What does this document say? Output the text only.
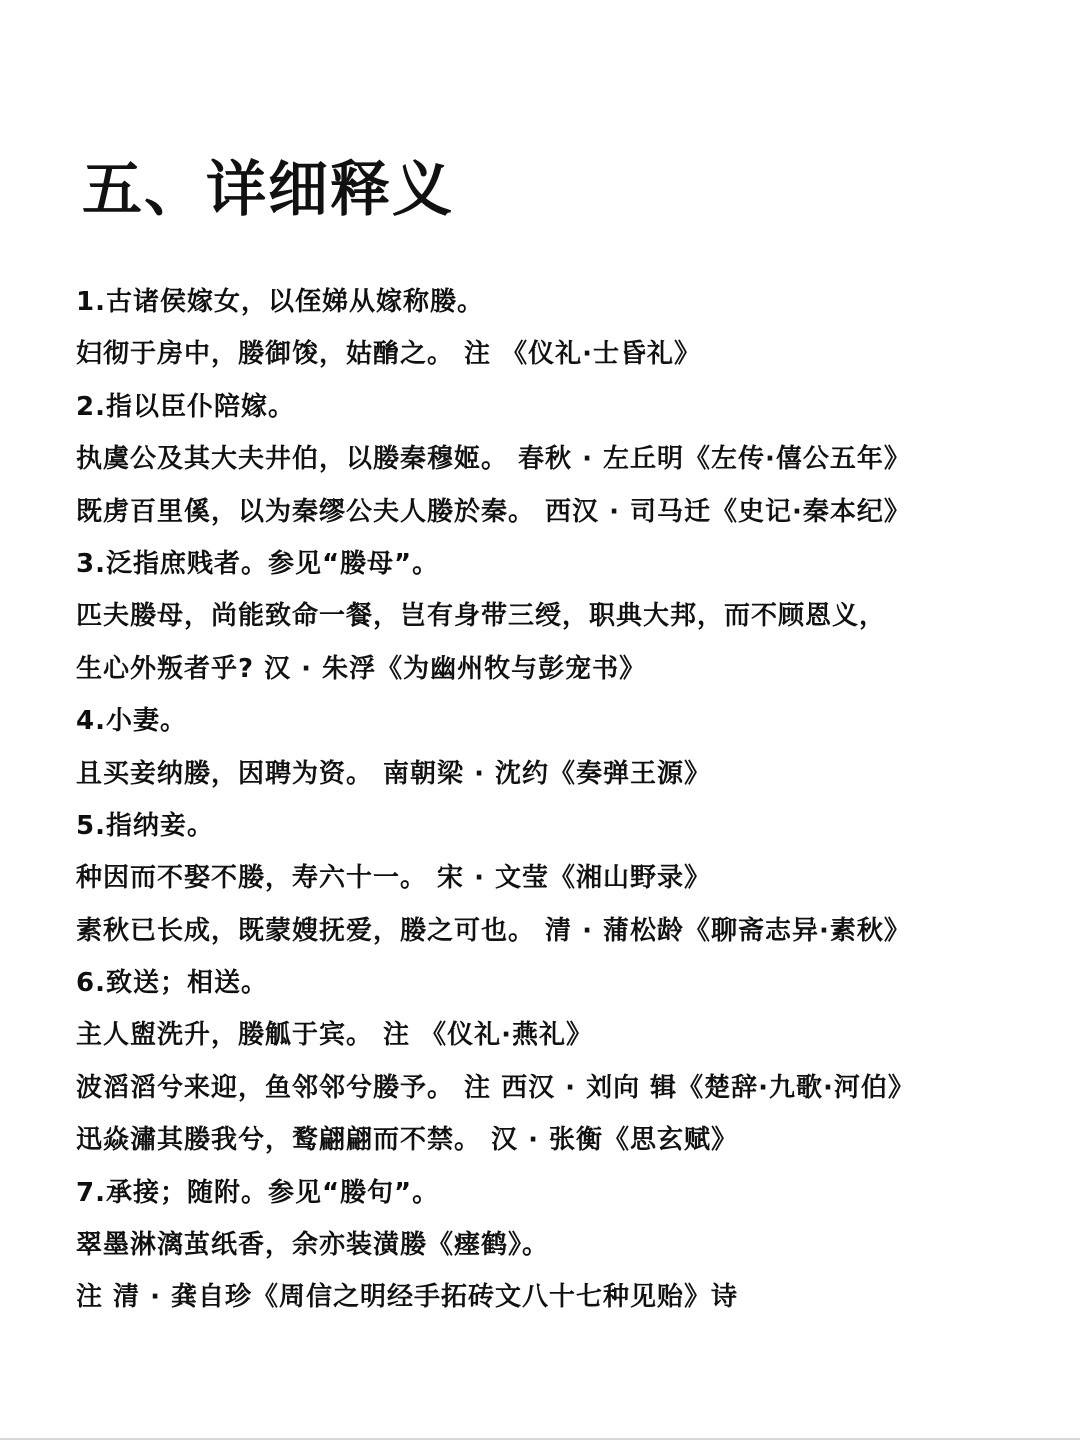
五、详细释义
1.古诸侯嫁女，以侄娣从嫁称媵。
妇彻于房中，媵御馂，姑酳之。 注 《仪礼·士昏礼》
2.指以臣仆陪嫁。
执虞公及其大夫井伯，以媵秦穆姬。 春秋 · 左丘明《左传·僖公五年》
既虏百里傒，以为秦缪公夫人媵於秦。 西汉 · 司马迁《史记·秦本纪》
3.泛指庶贱者。参见“媵母”。
匹夫媵母，尚能致命一餐，岂有身带三绶，职典大邦，而不顾恩义，
生心外叛者乎? 汉 · 朱浮《为幽州牧与彭宠书》
4.小妻。
且买妾纳媵，因聘为资。 南朝梁 · 沈约《奏弹王源》
5.指纳妾。
种因而不娶不媵，寿六十一。 宋 · 文莹《湘山野录》
素秋已长成，既蒙嫂抚爱，媵之可也。 清 · 蒲松龄《聊斋志异·素秋》
6.致送；相送。
主人盥洗升，媵觚于宾。 注 《仪礼·燕礼》
波滔滔兮来迎，鱼邻邻兮媵予。 注 西汉 · 刘向 辑《楚辞·九歌·河伯》
迅焱潚其媵我兮，鹜翩翩而不禁。 汉 · 张衡《思玄赋》
7.承接；随附。参见“媵句”。
翠墨淋漓茧纸香，余亦装潢媵《瘗鹤》。
注 清 · 龚自珍《周信之明经手拓砖文八十七种见贻》诗
